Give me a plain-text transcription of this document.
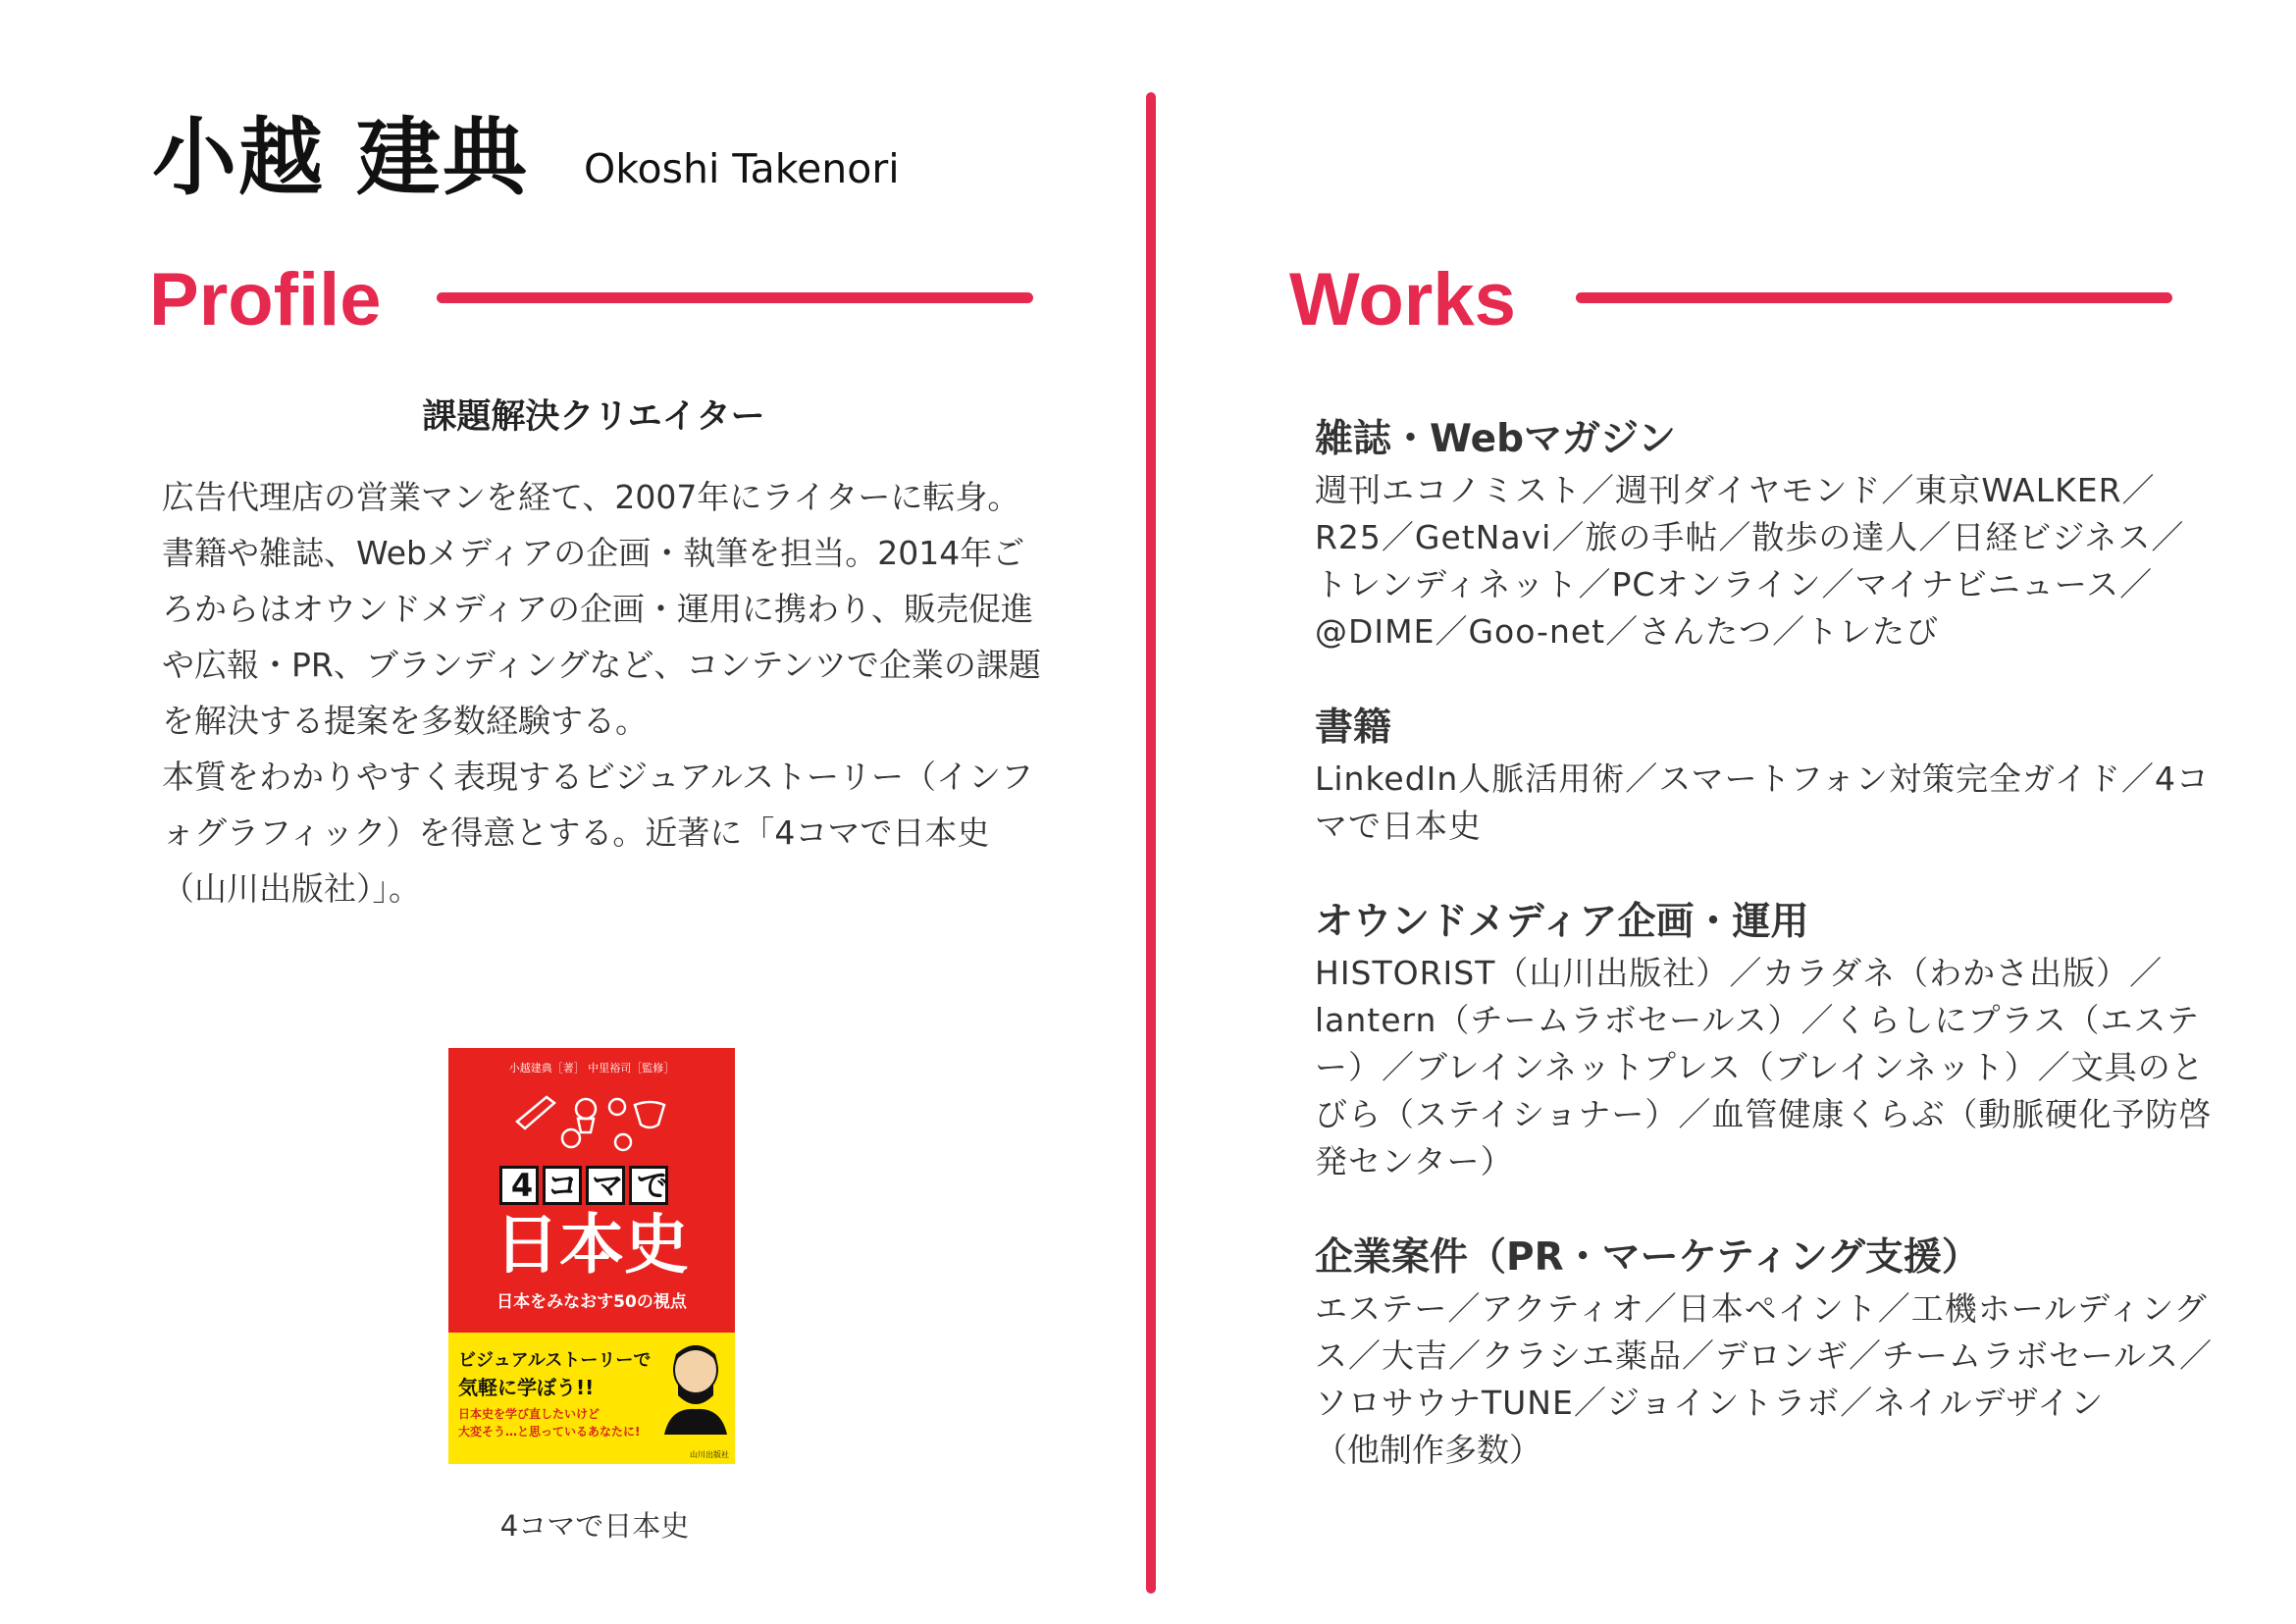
小越 建典 Okoshi Takenori
Profile	Works
課題解決クリエイター

広告代理店の営業マンを経て、2007年にライターに転身。書籍や雑誌、Webメディアの企画・執筆を担当。2014年ごろからはオウンドメディアの企画・運用に携わり、販売促進や広報・PR、ブランディングなど、コンテンツで企業の課題を解決する提案を多数経験する。

本質をわかりやすく表現するビジュアルストーリー（インフォグラフィック）を得意とする。近著に「4コマで日本史（山川出版社）」。

小越建典［著］ 中里裕司［監修］
4コマで
日本史
日本をみなおす50の視点
ビジュアルストーリーで
気軽に学ぼう!!
日本史を学び直したいけど
大変そう…と思っているあなたに!
山川出版社
4コマで日本史
雑誌・Webマガジン
週刊エコノミスト／週刊ダイヤモンド／東京WALKER／R25／GetNavi／旅の手帖／散歩の達人／日経ビジネス／トレンディネット／PCオンライン／マイナビニュース／@DIME／Goo-net／さんたつ／トレたび
書籍
LinkedIn人脈活用術／スマートフォン対策完全ガイド／4コマで日本史
オウンドメディア企画・運用
HISTORIST（山川出版社）／カラダネ（わかさ出版）／lantern（チームラボセールス）／くらしにプラス（エステー）／ブレインネットプレス（ブレインネット）／文具のとびら（ステイショナー）／血管健康くらぶ（動脈硬化予防啓発センター）
企業案件（PR・マーケティング支援）
エステー／アクティオ／日本ペイント／工機ホールディングス／大吉／クラシエ薬品／デロンギ／チームラボセールス／ソロサウナTUNE／ジョイントラボ／ネイルデザイン
（他制作多数）
